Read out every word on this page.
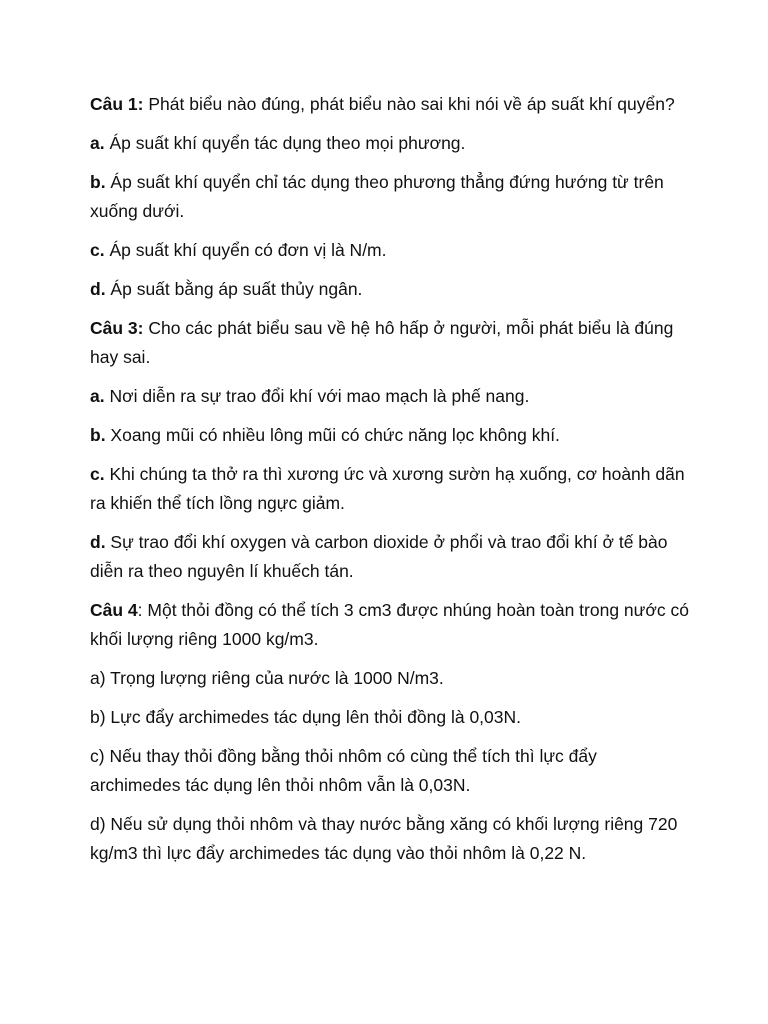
Câu 1: Phát biểu nào đúng, phát biểu nào sai khi nói về áp suất khí quyển?

a. Áp suất khí quyển tác dụng theo mọi phương.

b. Áp suất khí quyển chỉ tác dụng theo phương thẳng đứng hướng từ trên xuống dưới.

c. Áp suất khí quyển có đơn vị là N/m.

d. Áp suất bằng áp suất thủy ngân.

Câu 3: Cho các phát biểu sau về hệ hô hấp ở người, mỗi phát biểu là đúng hay sai.

a. Nơi diễn ra sự trao đổi khí với mao mạch là phế nang.

b. Xoang mũi có nhiều lông mũi có chức năng lọc không khí.

c. Khi chúng ta thở ra thì xương ức và xương sườn hạ xuống, cơ hoành dãn ra khiến thể tích lồng ngực giảm.

d. Sự trao đổi khí oxygen và carbon dioxide ở phổi và trao đổi khí ở tế bào diễn ra theo nguyên lí khuếch tán.

Câu 4: Một thỏi đồng có thể tích 3 cm3 được nhúng hoàn toàn trong nước có khối lượng riêng 1000 kg/m3.

a) Trọng lượng riêng của nước là 1000 N/m3.

b) Lực đẩy archimedes tác dụng lên thỏi đồng là 0,03N.

c) Nếu thay thỏi đồng bằng thỏi nhôm có cùng thể tích thì lực đẩy archimedes tác dụng lên thỏi nhôm vẫn là 0,03N.

d) Nếu sử dụng thỏi nhôm và thay nước bằng xăng có khối lượng riêng 720 kg/m3 thì lực đẩy archimedes tác dụng vào thỏi nhôm là 0,22 N.
